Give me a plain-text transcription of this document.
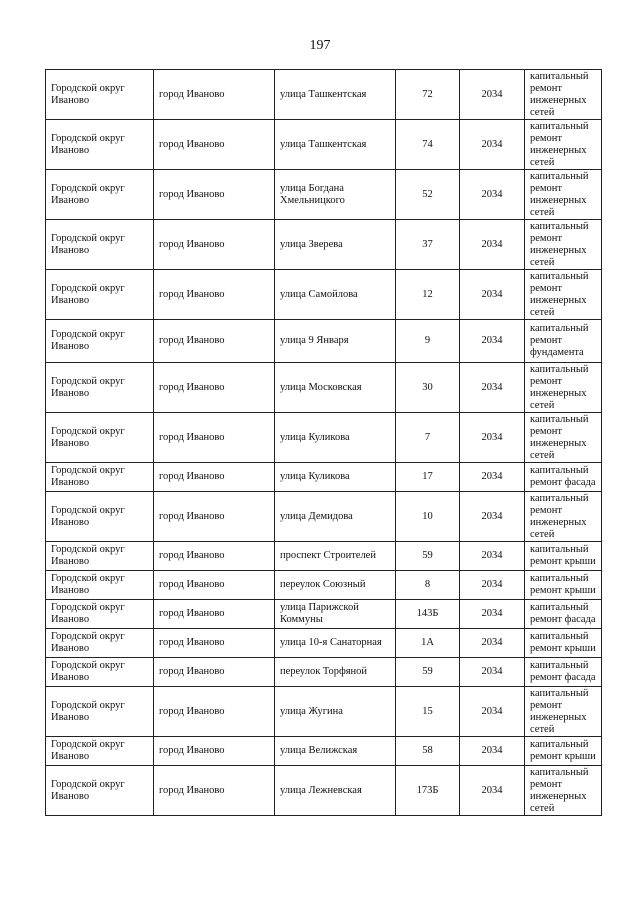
197
Городской округ Иваново	город Иваново	улица Ташкентская	72	2034	капитальный ремонт инженерных сетей
Городской округ Иваново	город Иваново	улица Ташкентская	74	2034	капитальный ремонт инженерных сетей
Городской округ Иваново	город Иваново	улица Богдана Хмельницкого	52	2034	капитальный ремонт инженерных сетей
Городской округ Иваново	город Иваново	улица Зверева	37	2034	капитальный ремонт инженерных сетей
Городской округ Иваново	город Иваново	улица Самойлова	12	2034	капитальный ремонт инженерных сетей
Городской округ Иваново	город Иваново	улица 9 Января	9	2034	капитальный ремонт фундамента
Городской округ Иваново	город Иваново	улица Московская	30	2034	капитальный ремонт инженерных сетей
Городской округ Иваново	город Иваново	улица Куликова	7	2034	капитальный ремонт инженерных сетей
Городской округ Иваново	город Иваново	улица Куликова	17	2034	капитальный ремонт фасада
Городской округ Иваново	город Иваново	улица Демидова	10	2034	капитальный ремонт инженерных сетей
Городской округ Иваново	город Иваново	проспект Строителей	59	2034	капитальный ремонт крыши
Городской округ Иваново	город Иваново	переулок Союзный	8	2034	капитальный ремонт крыши
Городской округ Иваново	город Иваново	улица Парижской Коммуны	143Б	2034	капитальный ремонт фасада
Городской округ Иваново	город Иваново	улица 10-я Санаторная	1А	2034	капитальный ремонт крыши
Городской округ Иваново	город Иваново	переулок Торфяной	59	2034	капитальный ремонт фасада
Городской округ Иваново	город Иваново	улица Жугина	15	2034	капитальный ремонт инженерных сетей
Городской округ Иваново	город Иваново	улица Велижская	58	2034	капитальный ремонт крыши
Городской округ Иваново	город Иваново	улица Лежневская	173Б	2034	капитальный ремонт инженерных сетей
